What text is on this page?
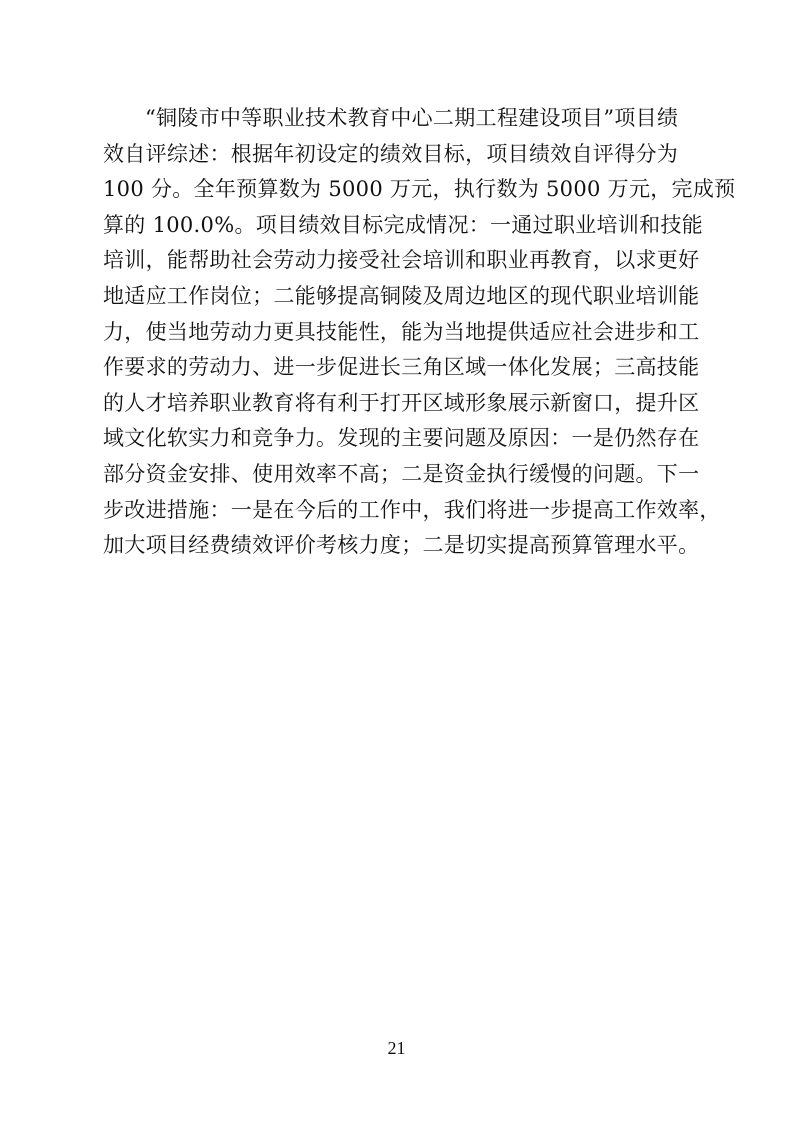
“铜陵市中等职业技术教育中心二期工程建设项目”项目绩
效自评综述：根据年初设定的绩效目标，项目绩效自评得分为
100 分。全年预算数为 5000 万元，执行数为 5000 万元，完成预
算的 100.0%。项目绩效目标完成情况：一通过职业培训和技能
培训，能帮助社会劳动力接受社会培训和职业再教育，以求更好
地适应工作岗位；二能够提高铜陵及周边地区的现代职业培训能
力，使当地劳动力更具技能性，能为当地提供适应社会进步和工
作要求的劳动力、进一步促进长三角区域一体化发展；三高技能
的人才培养职业教育将有利于打开区域形象展示新窗口，提升区
域文化软实力和竞争力。发现的主要问题及原因：一是仍然存在
部分资金安排、使用效率不高；二是资金执行缓慢的问题。下一
步改进措施：一是在今后的工作中，我们将进一步提高工作效率，
加大项目经费绩效评价考核力度；二是切实提高预算管理水平。
21
